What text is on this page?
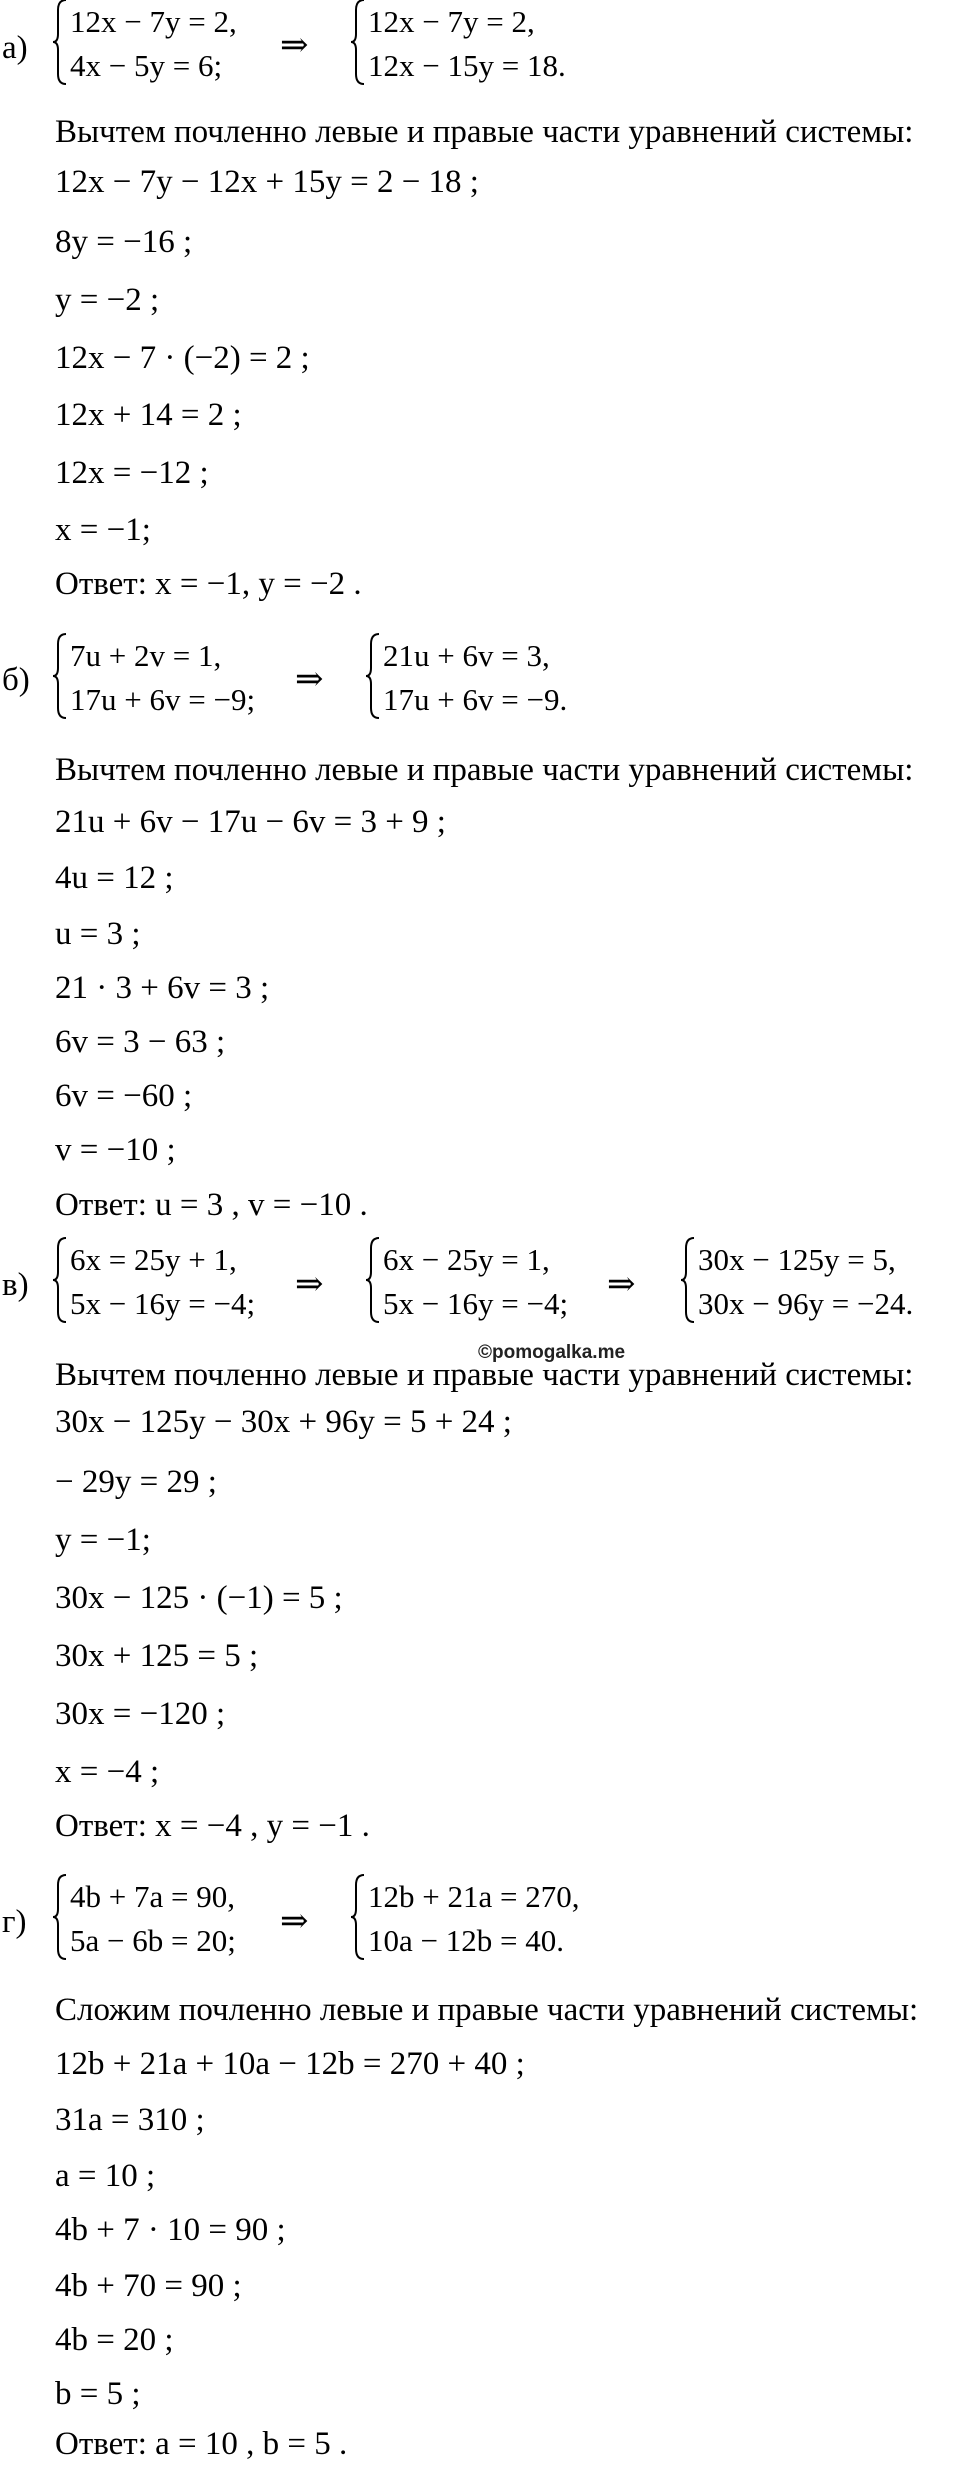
а)
12x − 7y = 2,
4x − 5y = 6;
⇒
12x − 7y = 2,
12x − 15y = 18.
Вычтем почленно левые и правые части уравнений системы:
12x − 7y − 12x + 15y = 2 − 18 ;
8y = −16 ;
y = −2 ;
12x − 7 · (−2) = 2 ;
12x + 14 = 2 ;
12x = −12 ;
x = −1;
Ответ: x = −1, y = −2 .
б)
7u + 2v = 1,
17u + 6v = −9;
⇒
21u + 6v = 3,
17u + 6v = −9.
Вычтем почленно левые и правые части уравнений системы:
21u + 6v − 17u − 6v = 3 + 9 ;
4u = 12 ;
u = 3 ;
21 · 3 + 6v = 3 ;
6v = 3 − 63 ;
6v = −60 ;
v = −10 ;
Ответ: u = 3 , v = −10 .
в)
6x = 25y + 1,
5x − 16y = −4;
⇒
6x − 25y = 1,
5x − 16y = −4;
⇒
30x − 125y = 5,
30x − 96y = −24.
Вычтем почленно левые и правые части уравнений системы:
©pomogalka.me
30x − 125y − 30x + 96y = 5 + 24 ;
− 29y = 29 ;
y = −1;
30x − 125 · (−1) = 5 ;
30x + 125 = 5 ;
30x = −120 ;
x = −4 ;
Ответ: x = −4 , y = −1 .
г)
4b + 7a = 90,
5a − 6b = 20;
⇒
12b + 21a = 270,
10a − 12b = 40.
Сложим почленно левые и правые части уравнений системы:
12b + 21a + 10a − 12b = 270 + 40 ;
31a = 310 ;
a = 10 ;
4b + 7 · 10 = 90 ;
4b + 70 = 90 ;
4b = 20 ;
b = 5 ;
Ответ: a = 10 , b = 5 .
